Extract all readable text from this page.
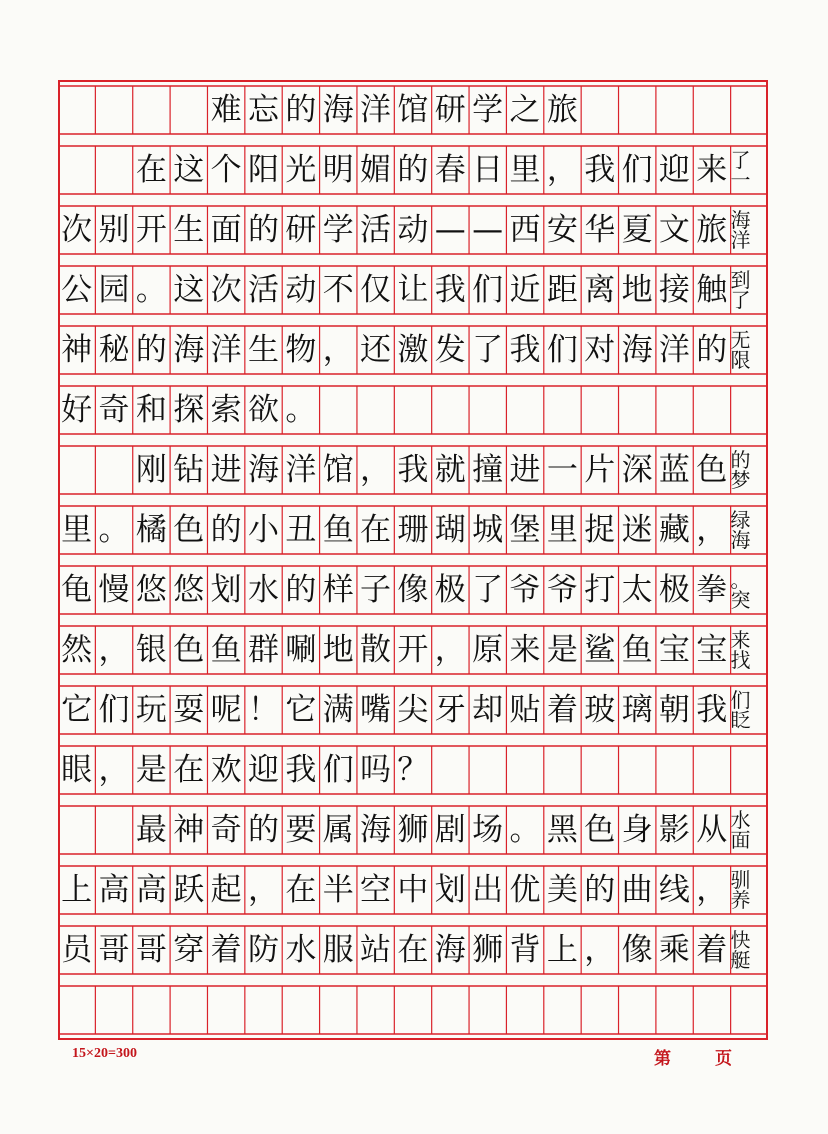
难 忘 的 海 洋 馆 研 学 之 旅
在 这 个 阳 光 明 媚 的 春 日 里 ， 我 们 迎 来 了一
次 别 开 生 面 的 研 学 活 动 — — 西 安 华 夏 文 旅 海洋
公 园 。 这 次 活 动 不 仅 让 我 们 近 距 离 地 接 触 到了
神 秘 的 海 洋 生 物 ， 还 激 发 了 我 们 对 海 洋 的 无限
好 奇 和 探 索 欲 。
刚 钻 进 海 洋 馆 ， 我 就 撞 进 一 片 深 蓝 色 的梦
里 。 橘 色 的 小 丑 鱼 在 珊 瑚 城 堡 里 捉 迷 藏 ， 绿海
龟 慢 悠 悠 划 水 的 样 子 像 极 了 爷 爷 打 太 极 拳 。突
然 ， 银 色 鱼 群 唰 地 散 开 ， 原 来 是 鲨 鱼 宝 宝 来找
它 们 玩 耍 呢 ！ 它 满 嘴 尖 牙 却 贴 着 玻 璃 朝 我 们眨
眼 ， 是 在 欢 迎 我 们 吗 ？
最 神 奇 的 要 属 海 狮 剧 场 。 黑 色 身 影 从 水面
上 高 高 跃 起 ， 在 半 空 中 划 出 优 美 的 曲 线 ， 驯养
员 哥 哥 穿 着 防 水 服 站 在 海 狮 背 上 ， 像 乘 着 快艇
15×20=300	第	页
